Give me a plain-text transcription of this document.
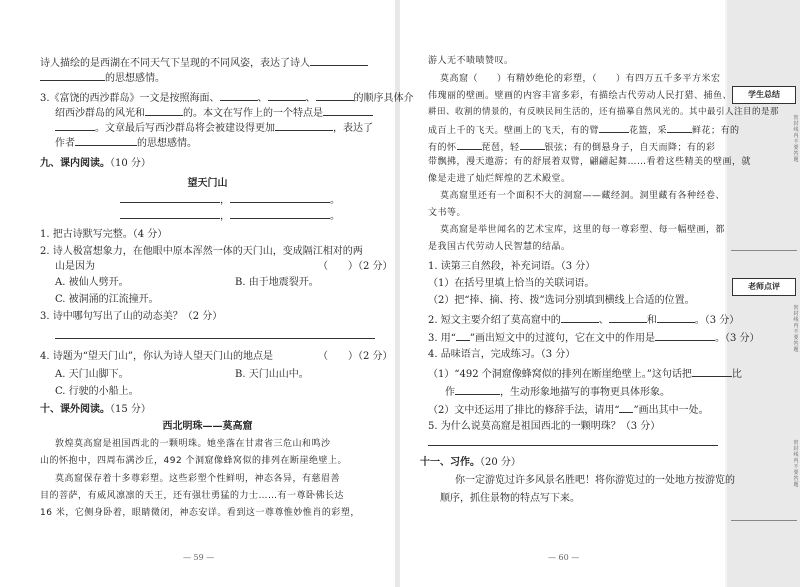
诗人描绘的是西湖在不同天气下呈现的不同风姿，表达了诗人
的思想感情。
3.《富饶的西沙群岛》一文是按照海面、	、	、	的顺序具体介
绍西沙群岛的风光和	的。本文在写作上的一个特点是
。文章最后写西沙群岛将会被建设得更加	，表达了
作者	的思想感情。
九、课内阅读。（10 分）
望天门山
，	。
，	。
1. 把古诗默写完整。（4 分）
2. 诗人极富想象力，在他眼中原本浑然一体的天门山，变成隔江相对的两
山是因为	（　　）（2 分）
A. 被仙人劈开。	B. 由于地震裂开。
C. 被洞涌的江流撞开。
3. 诗中哪句写出了山的动态美？（2 分）
4. 诗题为“望天门山”，你认为诗人望天门山的地点是	（　　）（2 分）
A. 天门山脚下。	B. 天门山山中。
C. 行驶的小船上。
十、课外阅读。（15 分）
西北明珠——莫高窟
敦煌莫高窟是祖国西北的一颗明珠。她坐落在甘肃省三危山和鸣沙
山的怀抱中，四周布满沙丘，492 个洞窟像蜂窝似的排列在断崖绝壁上。
莫高窟保存着十多尊彩塑。这些彩塑个性鲜明，神态各异，有慈眉善
目的菩萨，有威风凛凛的天王，还有强壮勇猛的力士……有一尊卧佛长达
16 米，它侧身卧着，眼睛微闭，神态安详。看到这一尊尊惟妙惟肖的彩塑，
— 59 —
游人无不啧啧赞叹。
莫高窟（　　）有精妙绝伦的彩塑，（　　）有四万五千多平方米宏
伟瑰丽的壁画。壁画的内容丰富多彩，有描绘古代劳动人民打猎、捕鱼、
耕田、收割的情景的，有反映民间生活的，还有描摹自然风光的。其中最引人注目的是那
成百上千的飞天。壁画上的飞天，有的臂	花篮，采	鲜花；有的
有的怀	琵琶，轻	银弦；有的倒悬身子，自天而降；有的彩
带飘拂，漫天遨游；有的舒展着双臂，翩翩起舞……看着这些精美的壁画，就
像是走进了灿烂辉煌的艺术殿堂。
莫高窟里还有一个面积不大的洞窟——藏经洞。洞里藏有各种经卷、
文书等。
莫高窟是举世闻名的艺术宝库，这里的每一尊彩塑、每一幅壁画，都
是我国古代劳动人民智慧的结晶。
1. 读第三自然段，补充词语。（3 分）
（1）在括号里填上恰当的关联词语。
（2）把“捧、摘、挎、拨”选词分别填到横线上合适的位置。
2. 短文主要介绍了莫高窟中的	、	和	。（3 分）
3. 用“ ”画出短文中的过渡句，它在文中的作用是	。（3 分）
4. 品味语言，完成练习。（3 分）
（1）“492 个洞窟像蜂窝似的排列在断崖绝壁上。”这句话把	比
作	，生动形象地描写的事物更具体形象。
（2）文中还运用了排比的修辞手法，请用“ ”画出其中一处。
5. 为什么说莫高窟是祖国西北的一颗明珠？（3 分）
十一、习作。（20 分）
你一定游览过许多风景名胜吧！将你游览过的一处地方按游览的
顺序，抓住景物的特点写下来。
— 60 —
学生总结
老师点评
密封线内不要答题
密封线内不要答题
密封线内不要答题
